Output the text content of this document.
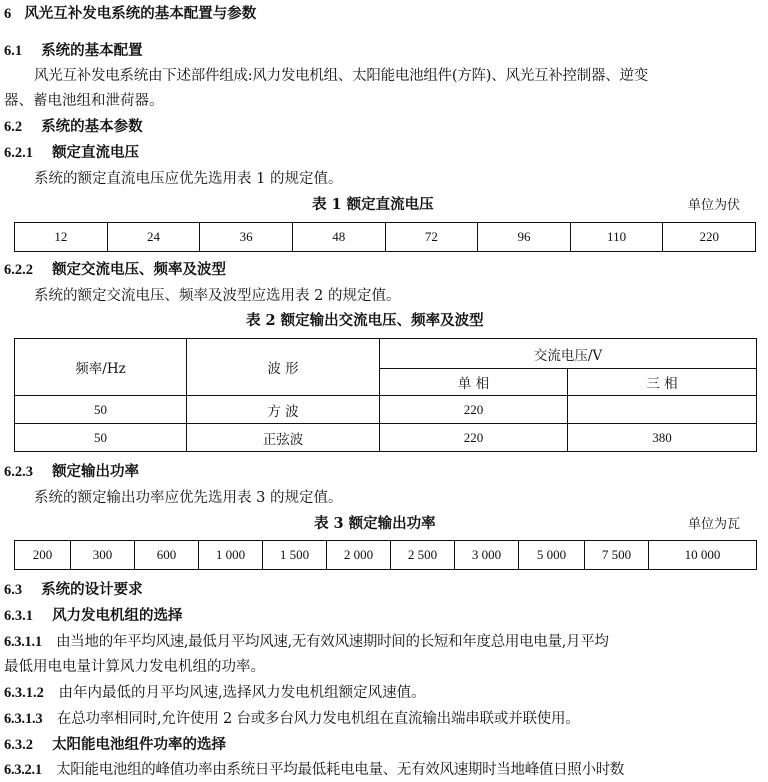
6 风光互补发电系统的基本配置与参数
6.1 系统的基本配置
风光互补发电系统由下述部件组成:风力发电机组、太阳能电池组件(方阵)、风光互补控制器、逆变
器、蓄电池组和泄荷器。
6.2 系统的基本参数
6.2.1 额定直流电压
系统的额定直流电压应优先选用表 1 的规定值。
表 1 额定直流电压	单位为伏
12	24	36	48	72	96	110	220
6.2.2 额定交流电压、频率及波型
系统的额定交流电压、频率及波型应选用表 2 的规定值。
表 2 额定输出交流电压、频率及波型
频率/Hz	波 形	交流电压/V	
		单 相	三 相
50	方 波	220	
50	正弦波	220	380
6.2.3 额定输出功率
系统的额定输出功率应优先选用表 3 的规定值。
表 3 额定输出功率	单位为瓦
200	300	600	1 000	1 500	2 000	2 500	3 000	5 000	7 500	10 000
6.3 系统的设计要求
6.3.1 风力发电机组的选择
6.3.1.1 由当地的年平均风速,最低月平均风速,无有效风速期时间的长短和年度总用电电量,月平均
最低用电电量计算风力发电机组的功率。
6.3.1.2 由年内最低的月平均风速,选择风力发电机组额定风速值。
6.3.1.3 在总功率相同时,允许使用 2 台或多台风力发电机组在直流输出端串联或并联使用。
6.3.2 太阳能电池组件功率的选择
6.3.2.1 太阳能电池组的峰值功率由系统日平均最低耗电电量、无有效风速期时当地峰值日照小时数
